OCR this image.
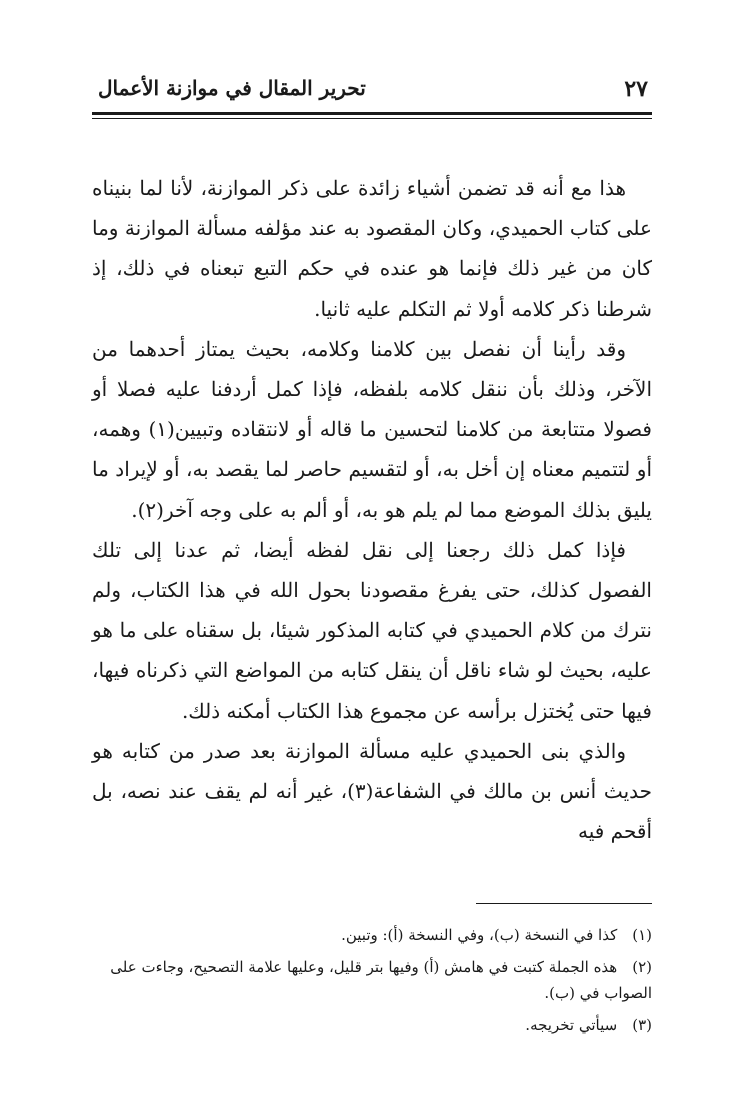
٢٧
تحرير المقال في موازنة الأعمال

هذا مع أنه قد تضمن أشياء زائدة على ذكر الموازنة، لأنا لما بنيناه على كتاب الحميدي، وكان المقصود به عند مؤلفه مسألة الموازنة وما كان من غير ذلك فإنما هو عنده في حكم التبع تبعناه في ذلك، إذ شرطنا ذكر كلامه أولا ثم التكلم عليه ثانيا.

وقد رأينا أن نفصل بين كلامنا وكلامه، بحيث يمتاز أحدهما من الآخر، وذلك بأن ننقل كلامه بلفظه، فإذا كمل أردفنا عليه فصلا أو فصولا متتابعة من كلامنا لتحسين ما قاله أو لانتقاده وتبيين(١) وهمه، أو لتتميم معناه إن أخل به، أو لتقسيم حاصر لما يقصد به، أو لإيراد ما يليق بذلك الموضع مما لم يلم هو به، أو ألم به على وجه آخر(٢).

فإذا كمل ذلك رجعنا إلى نقل لفظه أيضا، ثم عدنا إلى تلك الفصول كذلك، حتى يفرغ مقصودنا بحول الله في هذا الكتاب، ولم نترك من كلام الحميدي في كتابه المذكور شيئا، بل سقناه على ما هو عليه، بحيث لو شاء ناقل أن ينقل كتابه من المواضع التي ذكرناه فيها، فيها حتى يُختزل برأسه عن مجموع هذا الكتاب أمكنه ذلك.

والذي بنى الحميدي عليه مسألة الموازنة بعد صدر من كتابه هو حديث أنس بن مالك في الشفاعة(٣)، غير أنه لم يقف عند نصه، بل أقحم فيه

(١) كذا في النسخة (ب)، وفي النسخة (أ): وتبين.

(٢) هذه الجملة كتبت في هامش (أ) وفيها بتر قليل، وعليها علامة التصحيح، وجاءت على الصواب في (ب).

(٣) سيأتي تخريجه.
